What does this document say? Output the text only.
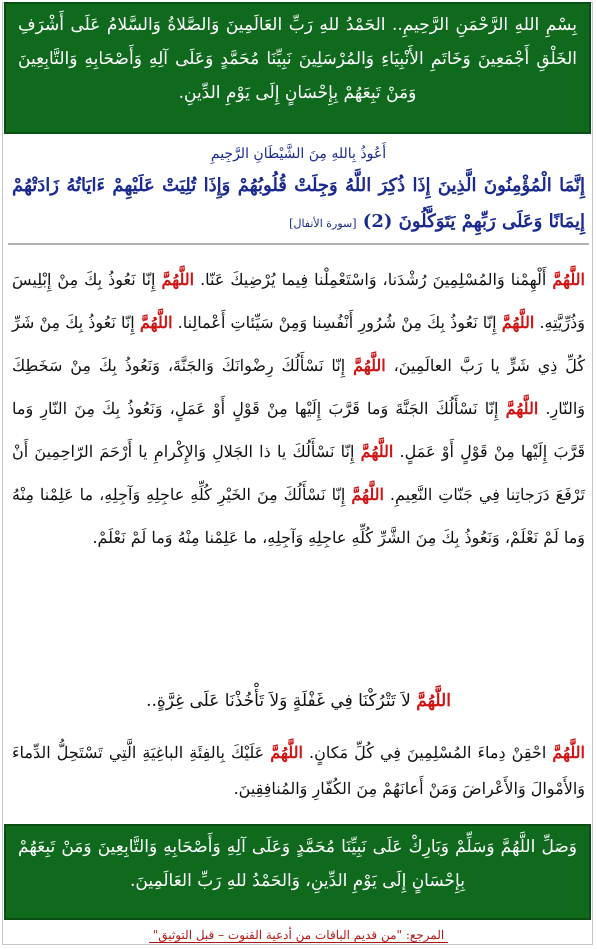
بِسْمِ اللهِ الرَّحْمَنِ الرَّحِيمِ.. الحَمْدُ للهِ رَبِّ العَالَمِينَ وَالصَّلاةُ وَالسَّلامُ عَلَى أَشْرَفِ الخَلْقِ أَجْمَعِينَ وَخَاتَمِ الأَنْبِيَاءِ وَالمُرْسَلِينَ نَبِيِّنَا مُحَمَّدٍ وَعَلَى آلِهِ وَأَصْحَابِهِ وَالتَّابِعِينَ وَمَنْ تَبِعَهُمْ بِإِحْسَانٍ إِلَى يَوْمِ الدِّينِ.
أَعُوذُ بِاللهِ مِنَ الشَّيْطَانِ الرَّجِيمِ
إِنَّمَا الْمُؤْمِنُونَ الَّذِينَ إِذَا ذُكِرَ اللَّهُ وَجِلَتْ قُلُوبُهُمْ وَإِذَا تُلِيَتْ عَلَيْهِمْ ءَايَاتُهُ زَادَتْهُمْ إِيمَانًا وَعَلَى رَبِّهِمْ يَتَوَكَّلُونَ (2) [سورة الأنفال]
اللَّهُمَّ أَلْهِمْنا وَالمُسْلِمِينَ رُشْدَنا، وَاسْتَعْمِلْنا فِيما يُرْضِيكَ عَنّا. اللَّهُمَّ إِنّا نَعُوذُ بِكَ مِنْ إِبْلِيسَ وَذُرِّيَّتِهِ. اللَّهُمَّ إِنّا نَعُوذُ بِكَ مِنْ شُرُورِ أَنْفُسِنا وَمِنْ سَيِّئاتِ أَعْمالِنا. اللَّهُمَّ إِنّا نَعُوذُ بِكَ مِنْ شَرِّ كُلِّ ذِي شَرٍّ يا رَبَّ العالَمِينَ، اللَّهُمَّ إِنّا نَسْأَلُكَ رِضْوانَكَ وَالجَنَّةَ، وَنَعُوذُ بِكَ مِنْ سَخَطِكَ وَالنّارِ. اللَّهُمَّ إِنّا نَسْأَلُكَ الجَنَّةَ وَما قَرَّبَ إِلَيْها مِنْ قَوْلٍ أَوْ عَمَلٍ، وَنَعُوذُ بِكَ مِنَ النّارِ وَما قَرَّبَ إِلَيْها مِنْ قَوْلٍ أَوْ عَمَلٍ. اللَّهُمَّ إِنّا نَسْأَلُكَ يا ذا الجَلالِ وَالإِكْرامِ يا أَرْحَمَ الرّاحِمِينَ أَنْ تَرْفَعَ دَرَجاتِنا فِي جَنّاتِ النَّعِيمِ. اللَّهُمَّ إِنّا نَسْأَلُكَ مِنَ الخَيْرِ كُلِّهِ عاجِلِهِ وَآجِلِهِ، ما عَلِمْنا مِنْهُ وَما لَمْ نَعْلَمْ، وَنَعُوذُ بِكَ مِنَ الشَّرِّ كُلِّهِ عاجِلِهِ وَآجِلِهِ، ما عَلِمْنا مِنْهُ وَما لَمْ نَعْلَمْ.
اللَّهُمَّ لاَ تَتْرُكْنَا فِي غَفْلَةٍ وَلاَ تَأْخُذْنَا عَلَى غِرَّةٍ..
اللَّهُمَّ احْقِنْ دِماءَ المُسْلِمِينَ فِي كُلِّ مَكانٍ. اللَّهُمَّ عَلَيْكَ بِالفِئَةِ الباغِيَةِ الَّتِي تَسْتَحِلُّ الدِّماءَ وَالأَمْوالَ وَالأَعْراضَ وَمَنْ أَعانَهُمْ مِنَ الكُفّارِ وَالمُنافِقِينَ.
وَصَلِّ اللَّهُمَّ وَسَلِّمْ وَبَارِكْ عَلَى نَبِيِّنَا مُحَمَّدٍ وَعَلَى آلِهِ وَأَصْحَابِهِ وَالتَّابِعِينَ وَمَنْ تَبِعَهُمْ بِإِحْسَانٍ إِلَى يَوْمِ الدِّينِ، وَالحَمْدُ للهِ رَبِّ العَالَمِينَ.
المرجع: "من قديم الباقات من أدعية القنوت – قبل التوثيق"
